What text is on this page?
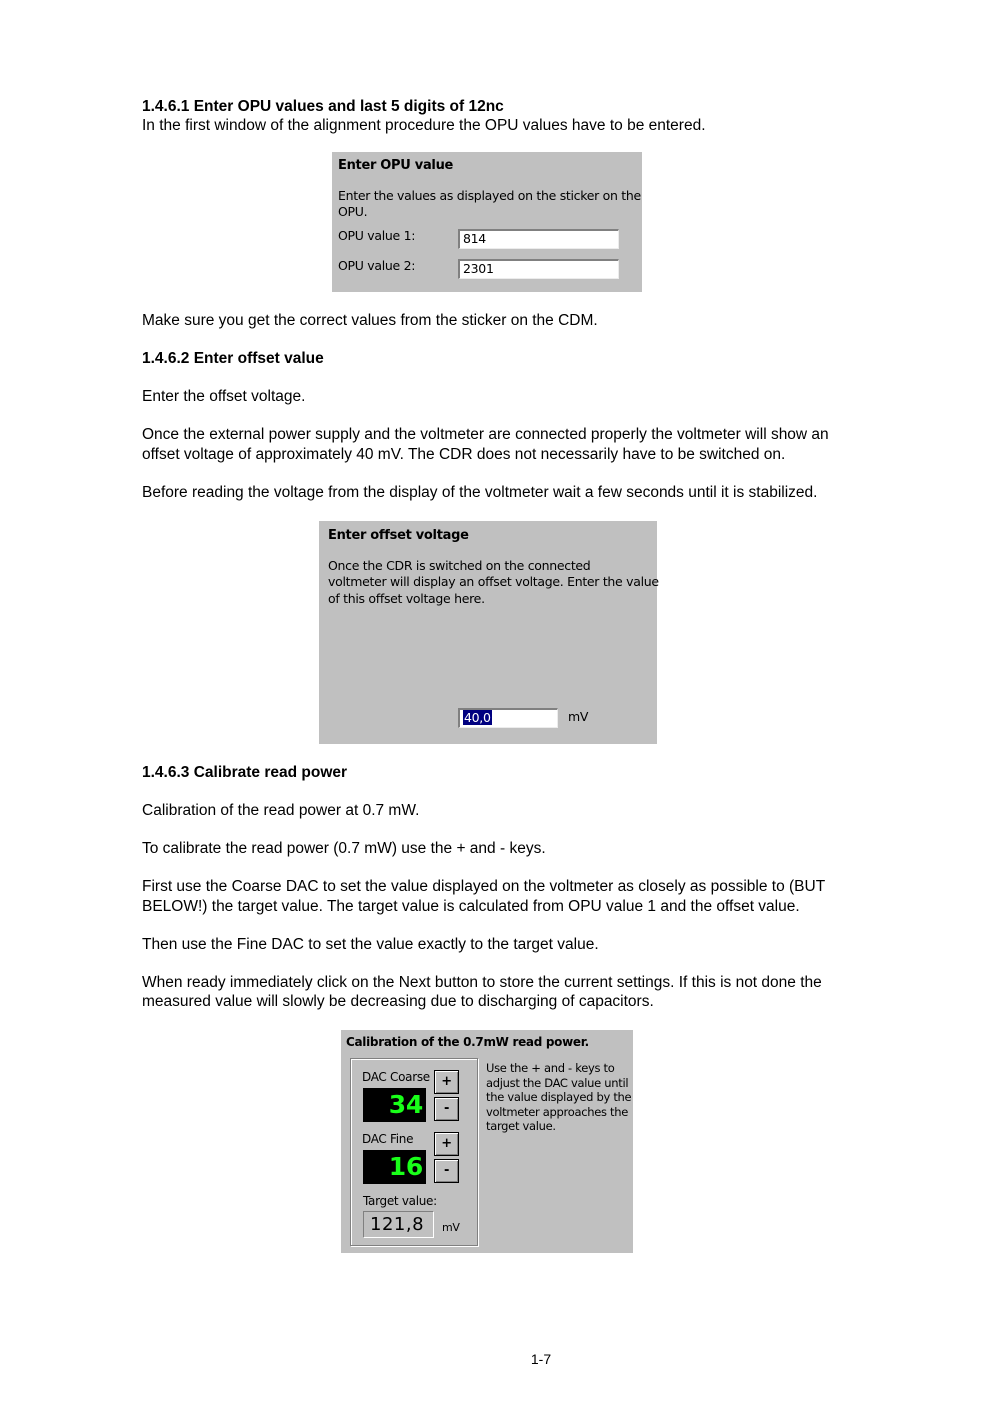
1.4.6.1 Enter OPU values and last 5 digits of 12nc
In the first window of the alignment procedure the OPU values have to be entered.
Enter OPU value
Enter the values as displayed on the sticker on the
OPU.
OPU value 1:	814
OPU value 2:	2301
Make sure you get the correct values from the sticker on the CDM.
1.4.6.2 Enter offset value
Enter the offset voltage.
Once the external power supply and the voltmeter are connected properly the voltmeter will show an
offset voltage of approximately 40 mV. The CDR does not necessarily have to be switched on.
Before reading the voltage from the display of the voltmeter wait a few seconds until it is stabilized.
Enter offset voltage
Once the CDR is switched on the connected
voltmeter will display an offset voltage. Enter the value
of this offset voltage here.
40,0	mV
1.4.6.3 Calibrate read power
Calibration of the read power at 0.7 mW.
To calibrate the read power (0.7 mW) use the + and - keys.
First use the Coarse DAC to set the value displayed on the voltmeter as closely as possible to (BUT
BELOW!) the target value. The target value is calculated from OPU value 1 and the offset value.
Then use the Fine DAC to set the value exactly to the target value.
When ready immediately click on the Next button to store the current settings. If this is not done the
measured value will slowly be decreasing due to discharging of capacitors.
Calibration of the 0.7mW read power.
DAC Coarse
34
+
-
DAC Fine
16
+
-
Target value:
121,8	mV
Use the + and - keys to
adjust the DAC value until
the value displayed by the
voltmeter approaches the
target value.
1-7
